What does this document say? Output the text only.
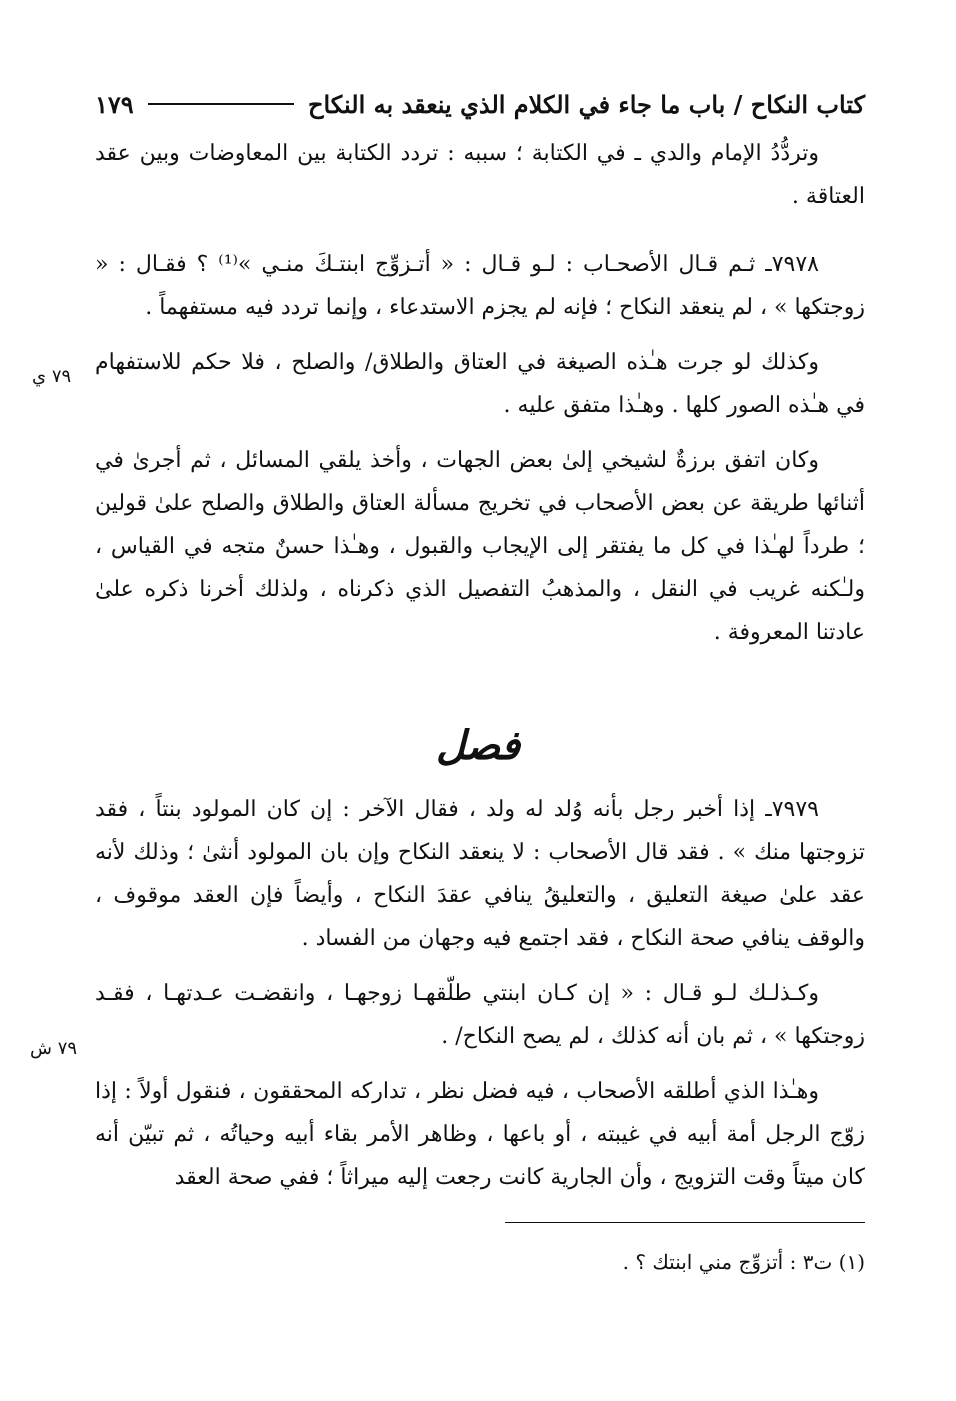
كتاب النكاح / باب ما جاء في الكلام الذي ينعقد به النكاح
١٧٩

وتردُّدُ الإمام والدي ـ في الكتابة ؛ سببه : تردد الكتابة بين المعاوضات وبين عقد العتاقة .

٧٩٧٨ـ ثـم قـال الأصحـاب : لـو قـال : « أتـزوِّج ابنتـكَ منـي »⁽¹⁾ ؟ فقـال : « زوجتكها » ، لم ينعقد النكاح ؛ فإنه لم يجزم الاستدعاء ، وإنما تردد فيه مستفهماً .

وكذلك لو جرت هـٰذه الصيغة في العتاق والطلاق/ والصلح ، فلا حكم للاستفهام في هـٰذه الصور كلها . وهـٰذا متفق عليه .

وكان اتفق برزةٌ لشيخي إلىٰ بعض الجهات ، وأخذ يلقي المسائل ، ثم أجرىٰ في أثنائها طريقة عن بعض الأصحاب في تخريج مسألة العتاق والطلاق والصلح علىٰ قولين ؛ طرداً لهـٰذا في كل ما يفتقر إلى الإيجاب والقبول ، وهـٰذا حسنٌ متجه في القياس ، ولـٰكنه غريب في النقل ، والمذهبُ التفصيل الذي ذكرناه ، ولذلك أخرنا ذكره علىٰ عادتنا المعروفة .

٧٩ ي
فصل

٧٩٧٩ـ إذا أخبر رجل بأنه وُلد له ولد ، فقال الآخر : إن كان المولود بنتاً ، فقد تزوجتها منك » . فقد قال الأصحاب : لا ينعقد النكاح وإن بان المولود أنثىٰ ؛ وذلك لأنه عقد علىٰ صيغة التعليق ، والتعليقُ ينافي عقدَ النكاح ، وأيضاً فإن العقد موقوف ، والوقف ينافي صحة النكاح ، فقد اجتمع فيه وجهان من الفساد .

وكـذلـك لـو قـال : « إن كـان ابنتي طلّقهـا زوجهـا ، وانقضـت عـدتهـا ، فقـد زوجتكها » ، ثم بان أنه كذلك ، لم يصح النكاح/ .

وهـٰذا الذي أطلقه الأصحاب ، فيه فضل نظر ، تداركه المحققون ، فنقول أولاً : إذا زوّج الرجل أمة أبيه في غيبته ، أو باعها ، وظاهر الأمر بقاء أبيه وحياتُه ، ثم تبيّن أنه كان ميتاً وقت التزويج ، وأن الجارية كانت رجعت إليه ميراثاً ؛ ففي صحة العقد

٧٩ ش
(١) ت٣ : أتزوِّج مني ابنتك ؟ .
